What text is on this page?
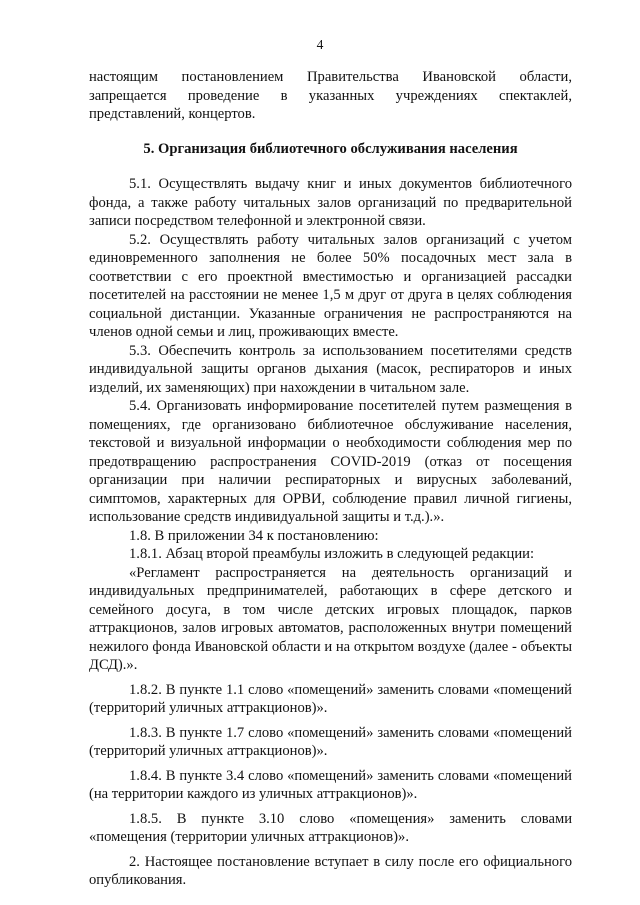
4

настоящим постановлением Правительства Ивановской области, запрещается проведение в указанных учреждениях спектаклей, представлений, концертов.

5. Организация библиотечного обслуживания населения

5.1. Осуществлять выдачу книг и иных документов библиотечного фонда, а также работу читальных залов организаций по предварительной записи посредством телефонной и электронной связи.

5.2. Осуществлять работу читальных залов организаций с учетом единовременного заполнения не более 50% посадочных мест зала в соответствии с его проектной вместимостью и организацией рассадки посетителей на расстоянии не менее 1,5 м друг от друга в целях соблюдения социальной дистанции. Указанные ограничения не распространяются на членов одной семьи и лиц, проживающих вместе.

5.3. Обеспечить контроль за использованием посетителями средств индивидуальной защиты органов дыхания (масок, респираторов и иных изделий, их заменяющих) при нахождении в читальном зале.

5.4. Организовать информирование посетителей путем размещения в помещениях, где организовано библиотечное обслуживание населения, текстовой и визуальной информации о необходимости соблюдения мер по предотвращению распространения COVID-2019 (отказ от посещения организации при наличии респираторных и вирусных заболеваний, симптомов, характерных для ОРВИ, соблюдение правил личной гигиены, использование средств индивидуальной защиты и т.д.).».

1.8. В приложении 34 к постановлению:

1.8.1. Абзац второй преамбулы изложить в следующей редакции:

«Регламент распространяется на деятельность организаций и индивидуальных предпринимателей, работающих в сфере детского и семейного досуга, в том числе детских игровых площадок, парков аттракционов, залов игровых автоматов, расположенных внутри помещений нежилого фонда Ивановской области и на открытом воздухе (далее - объекты ДСД).».

1.8.2. В пункте 1.1 слово «помещений» заменить словами «помещений (территорий уличных аттракционов)».

1.8.3. В пункте 1.7 слово «помещений» заменить словами «помещений (территорий уличных аттракционов)».

1.8.4. В пункте 3.4 слово «помещений» заменить словами «помещений (на территории каждого из уличных аттракционов)».

1.8.5. В пункте 3.10 слово «помещения» заменить словами «помещения (территории уличных аттракционов)».

2. Настоящее постановление вступает в силу после его официального опубликования.
